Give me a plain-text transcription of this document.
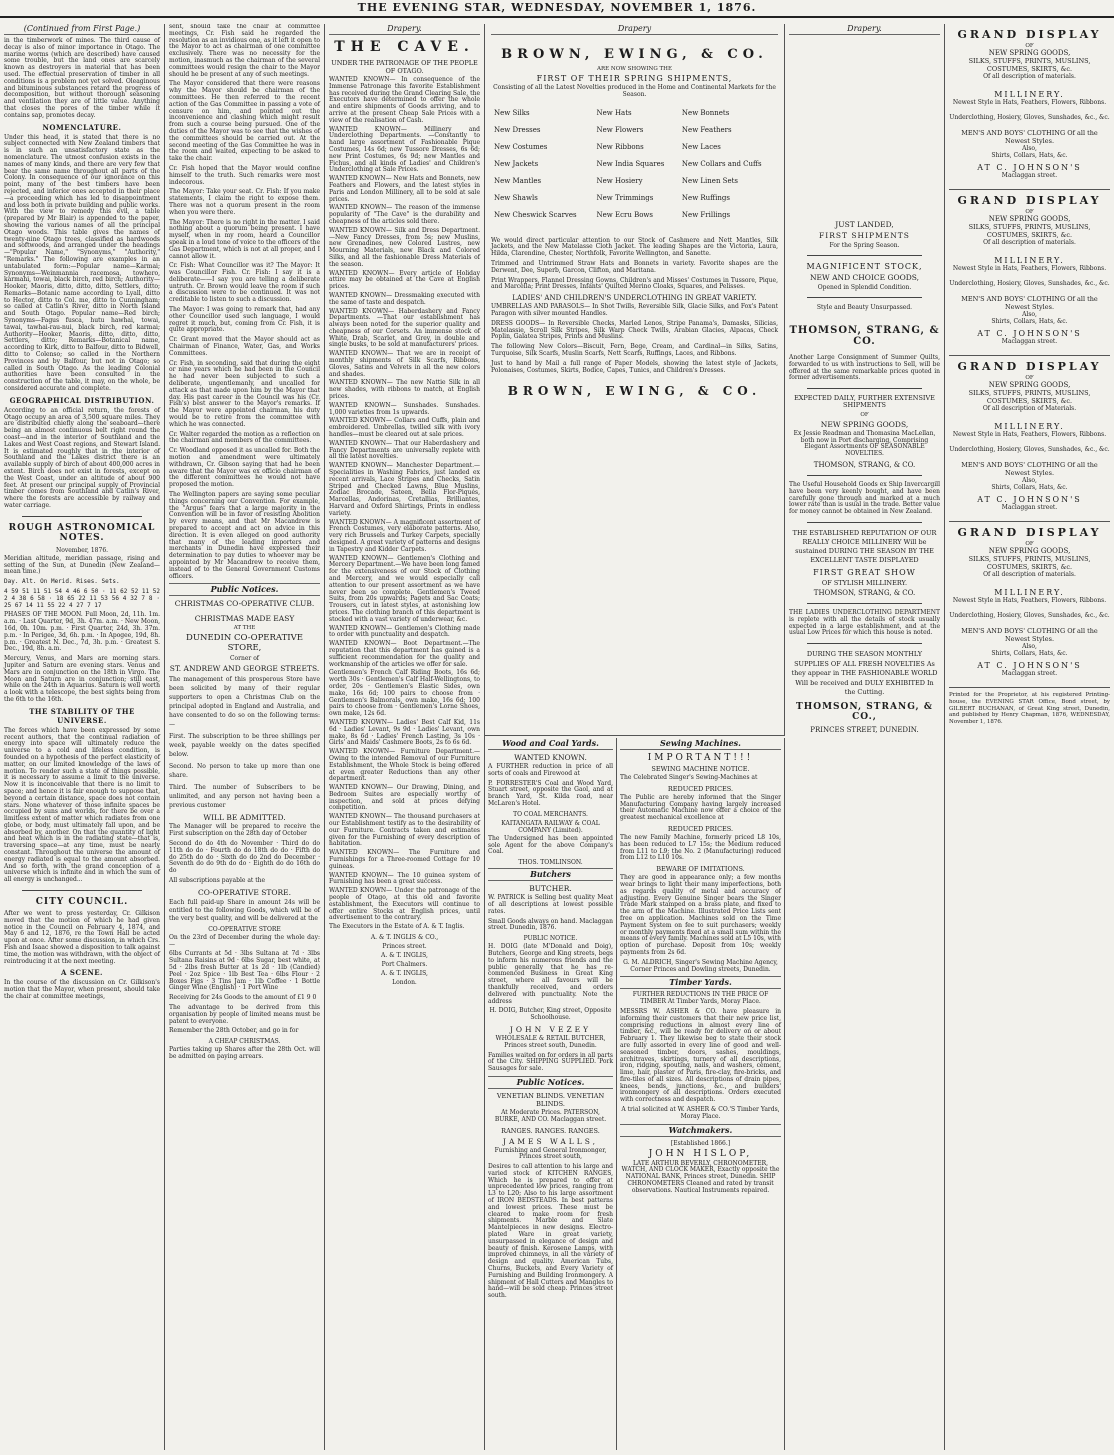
THE EVENING STAR, WEDNESDAY, NOVEMBER 1, 1876.
(Continued from First Page.)

in the timberwork of mines. The third cause of decay is also of minor importance in Otago. The marine worms (which are described) have caused some trouble, but the land ones are scarcely known as destroyers in material that has been used. The effectual preservation of timber in all conditions is a problem not yet solved. Oleaginous and bituminous substances retard the progress of decomposition, but without thorough seasoning and ventilation they are of little value. Anything that closes the pores of the timber while it contains sap, promotes decay.

NOMENCLATURE.

Under this head, it is stated that there is no subject connected with New Zealand timbers that is in such an unsatisfactory state as the nomenclature. The utmost confusion exists in the names of many kinds, and there are very few that bear the same name throughout all parts of the Colony. In consequence of our ignorance on this point, many of the best timbers have been rejected, and inferior ones accepted in their place—a proceeding which has led to disappointment and loss both in private building and public works. With the view to remedy this evil, a table (prepared by Mr Blair) is appended to the paper, showing the various names of all the principal Otago woods. This table gives the names of twenty-nine Otago trees, classified as hardwoods and softwoods, and arranged under the headings—"Popular Name," "Synonyms," "Authority," "Remarks." The following are examples in an untabulated form:—Popular name—Karmai; Synonyms—Weinmannia racemosa, towhero, karmahi, towai, black birch, red birch; Authority—Hooker, Maoris, ditto, ditto, ditto, Settlers, ditto; Remarks—Botanic name according to Lyall, ditto to Hector, ditto to Col. me, ditto to Cunningham; so called at Catlin's River, ditto in North Island and South Otago. Popular name—Red birch; Synonyms—Fagus fusca, hutu hawhai, towai, tawai, tawhai-rau-nui, black birch, red karmai; Authority—Hooker, Maoris, ditto, ditto, ditto, Settlers, ditto; Remarks—Botanical name, according to Kirk, ditto to Balfour, ditto to Bidwell, ditto to Colenso; so called in the Northern Provinces and by Balfour, but not in Otago; so called in South Otago. As the leading Colonial authorities have been consulted in the construction of the table, it may, on the whole, be considered accurate and complete.

GEOGRAPHICAL DISTRIBUTION.

According to an official return, the forests of Otago occupy an area of 3,500 square miles. They are distributed chiefly along the seaboard—there being an almost continuous belt right round the coast—and in the interior of Southland and the Lakes and West Coast regions, and Stewart Island. It is estimated roughly that in the interior of Southland and the Lakes district there is an available supply of birch of about 400,000 acres in extent. Birch does not exist in forests, except on the West Coast, under an altitude of about 900 feet. At present our principal supply of Provincial timber comes from Southland and Catlin's River, where the forests are accessible by railway and water carriage.

ROUGH ASTRONOMICAL NOTES.
November, 1876.

Meridian altitude, meridian passage, rising and setting of the Sun, at Dunedin (New Zealand—mean time.)

Day. Alt. On Merid. Rises. Sets.

4 59 51 11 51 54 4 46 6 50 · 11 62 52 11 52 2 4 38 6 58 · 18 65 22 11 53 56 4 32 7 8 · 25 67 14 11 55 22 4 27 7 17

PHASES OF THE MOON. Full Moon, 2d, 11h. 1m. a.m. · Last Quarter, 9d, 3h. 47m. a.m. · New Moon, 16d, 0h. 10m. p.m. · First Quarter, 24d, 3h. 37m. p.m. · In Perigee, 3d, 6h. p.m. · In Apogee, 19d, 8h. p.m. · Greatest N. Dec., 7d, 3h. p.m. · Greatest S. Dec., 19d, 8h. a.m.

Mercury, Venus, and Mars are morning stars. Jupiter and Saturn are evening stars. Venus and Mars are in conjunction on the 18th in Virgo. The Moon and Saturn are in conjunction; still east, while on the 24th in Aquarius. Saturn is well worth a look with a telescope, the best sights being from the 6th to the 16th.

THE STABILITY OF THE UNIVERSE.

The forces which have been expressed by some recent authors, that the continual radiation of energy into space will ultimately reduce the universe to a cold and lifeless condition, is founded on a hypothesis of the perfect elasticity of matter, on our limited knowledge of the laws of motion. To render such a state of things possible, it is necessary to assume a limit to the universe. Now it is inconceivable that there is no limit to space; and hence it is fair enough to suppose that, beyond a certain distance, space does not contain stars. None whatever of those infinite spaces be occupied by suns and worlds, for there be over a limitless extent of matter which radiates from one globe, or body, must ultimately fall upon, and be absorbed by, another. On that the quantity of light and heat which is in the radiating state—that is, traversing space—at any time, must be nearly constant. Throughout the universe the amount of energy radiated is equal to the amount absorbed. And so forth, with the grand conception of a universe which is infinite and in which the sum of all energy is unchanged...

CITY COUNCIL.

After we went to press yesterday, Cr. Gilkison moved that the motion of which he had given notice in the Council on February 4, 1874, and May 6 and 12, 1876, re the Town Hall be acted upon at once. After some discussion, in which Crs. Fish and Isaac showed a disposition to talk against time, the motion was withdrawn, with the object of reintroducing it at the next meeting.

A SCENE.

In the course of the discussion on Cr. Gilkison's motion that the Mayor, when present, should take the chair at committee meetings,

sent, should take the chair at committee meetings, Cr. Fish said he regarded the resolution as an invidious one, as it left it open to the Mayor to act as chairman of one committee exclusively. There was no necessity for the motion, inasmuch as the chairman of the several committees would resign the chair to the Mayor should he be present at any of such meetings.

The Mayor considered that there were reasons why the Mayor should be chairman of the committees. He then referred to the recent action of the Gas Committee in passing a vote of censure on him, and pointed out the inconvenience and clashing which might result from such a course being pursued. One of the duties of the Mayor was to see that the wishes of the committees should be carried out. At the second meeting of the Gas Committee he was in the room and waited, expecting to be asked to take the chair.

Cr. Fish hoped that the Mayor would confine himself to the truth. Such remarks were most indecorous.

The Mayor: Take your seat. Cr. Fish: If you make statements, I claim the right to expose them. There was not a quorum present in the room when you were there.

The Mayor: There is no right in the matter. I said nothing about a quorum being present. I have myself, when in my room, heard a Councillor speak in a loud tone of voice to the officers of the Gas Department, which is not at all proper, and I cannot allow it.

Cr. Fish: What Councillor was it? The Mayor: It was Councillor Fish. Cr. Fish: I say it is a deliberate——I say you are telling a deliberate untruth. Cr. Brown would leave the room if such a discussion were to be continued. It was not creditable to listen to such a discussion.

The Mayor: I was going to remark that, had any other Councillor used such language, I would regret it much, but, coming from Cr. Fish, it is quite appropriate.

Cr. Grant moved that the Mayor should act as Chairman of Finance, Water, Gas, and Works Committees.

Cr. Fish, in seconding, said that during the eight or nine years which he had been in the Council he had never been subjected to such a deliberate, ungentlemanly, and uncalled for attack as that made upon him by the Mayor that day. His past career in the Council was his (Cr. Fish's) best answer to the Mayor's remarks. If the Mayor were appointed chairman, his duty would be to retire from the committee with which he was connected.

Cr. Walter regarded the motion as a reflection on the chairman and members of the committees.

Cr. Woodland opposed it as uncalled for. Both the motion and amendment were ultimately withdrawn, Cr. Gibson saying that had he been aware that the Mayor was ex officio chairman of the different committees he would not have proposed the motion.

The Wellington papers are saying some peculiar things concerning our Convention. For example, the "Argus" fears that a large majority in the Convention will be in favor of resisting Abolition by every means, and that Mr Macandrew is prepared to accept and act on advice in this direction. It is even alleged on good authority that many of the leading importers and merchants in Dunedin have expressed their determination to pay duties to whoever may be appointed by Mr Macandrew to receive them, instead of to the General Government Customs officers.

Public Notices.
CHRISTMAS CO-OPERATIVE CLUB.
CHRISTMAS MADE EASY
AT THE
DUNEDIN CO-OPERATIVE STORE,
Corner of
ST. ANDREW AND GEORGE STREETS.

The management of this prosperous Store have been solicited by many of their regular supporters to open a Christmas Club on the principal adopted in England and Australia, and have consented to do so on the following terms:—

First. The subscription to be three shillings per week, payable weekly on the dates specified below.

Second. No person to take up more than one share.

Third. The number of Subscribers to be unlimited, and any person not having been a previous customer

WILL BE ADMITTED.

The Manager will be prepared to receive the First subscription on the 28th day of October

Second do do 4th do November · Third do do 11th do do · Fourth do do 18th do do · Fifth do do 25th do do · Sixth do do 2nd do December · Seventh do do 9th do do · Eighth do do 16th do do

All subscriptions payable at the

CO-OPERATIVE STORE.

Each full paid-up Share in amount 24s will be entitled to the following Goods, which will be of the very best quality, and will be delivered at the

CO-OPERATIVE STORE

On the 23rd of December during the whole day:—

6lbs Currants at 5d · 3lbs Sultana at 7d · 3lbs Sultana Raisins at 9d · 6lbs Sugar, best white, at 5d · 2lbs fresh Butter at 1s 2d · 1lb (Candied) Peel · 2oz Spice · 1lb Best Tea · 6lbs Flour · 2 Boxes Figs · 3 Tins Jam · 1lb Coffee · 1 Bottle Ginger Wine (English) · 1 Port Wine

Receiving for 24s Goods to the amount of £1 9 0

The advantage to be derived from this organisation by people of limited means must be patent to everyone.

Remember the 28th October, and go in for

A CHEAP CHRISTMAS.

Parties taking up Shares after the 28th Oct. will be admitted on paying arrears.

Drapery.
THE CAVE.
UNDER THE PATRONAGE OF THE PEOPLE OF OTAGO.

WANTED KNOWN— In consequence of the Immense Patronage this favorite Establishment has received during the Grand Clearing Sale, the Executors have determined to offer the whole and entire shipments of Goods arriving, and to arrive at the present Cheap Sale Prices with a view of the realisation of Cash.

WANTED KNOWN— Millinery and Underclothing Departments. —Constantly to hand large assortment of Fashionable Pique Costumes, 14s 6d; new Tussore Dresses, 6s 6d; new Print Costumes, 6s 9d; new Mantles and Fichus, and all kinds of Ladies' and Children's Underclothing at Sale Prices.

WANTED KNOWN— New Hats and Bonnets, new Feathers and Flowers, and the latest styles in Paris and London Millinery, all to be sold at sale prices.

WANTED KNOWN— The reason of the immense popularity of "The Cave" is the durability and cheapness of the articles sold there.

WANTED KNOWN— Silk and Dress Department.—New Fancy Dresses, from 5s; new Muslins, new Grenadines, new Colored Lustres, new Mourning Materials, new Black and Colored Silks, and all the fashionable Dress Materials of the season.

WANTED KNOWN— Every article of Holiday attire may be obtained at the Cave at English prices.

WANTED KNOWN— Dressmaking executed with the same of taste and despatch.

WANTED KNOWN— Haberdashery and Fancy Departments. —That our establishment has always been noted for the superior quality and cheapness of our Corsets. An immense stock of White, Drab, Scarlet, and Grey, in double and single busks, to be sold at manufacturers' prices.

WANTED KNOWN— That we are in receipt of monthly shipments of Silk Scarfs, Ribbons, Gloves, Satins and Velvets in all the new colors and shades.

WANTED KNOWN— The new Nattie Silk in all new shades, with ribbons to match, at English prices.

WANTED KNOWN— Sunshades. Sunshades. 1,000 varieties from 1s upwards.

WANTED KNOWN— Collars and Cuffs, plain and embroidered. Umbrellas, twilled silk with ivory handles—must be cleared out at sale prices.

WANTED KNOWN— That our Haberdashery and Fancy Departments are universally replete with all the latest novelties.

WANTED KNOWN— Manchester Department.—Specialities in Washing Fabrics, just landed ex recent arrivals, Lace Stripes and Checks, Satin Striped and Checked Lawns, Blue Muslins, Zodiac Brocade, Sateen, Bella Flor-Piqués, Marcellas, Andorinas, Cretallias, Brilliantes, Harvard and Oxford Shirtings, Prints in endless variety.

WANTED KNOWN— A magnificent assortment of French Costumes, very elaborate patterns. Also, very rich Brussels and Turkey Carpets, specially designed. A great variety of patterns and designs in Tapestry and Kidder Carpets.

WANTED KNOWN— Gentlemen's Clothing and Mercery Department.—We have been long famed for the extensiveness of our Stock of Clothing and Mercery, and we would especially call attention to our present assortment as we have never been so complete. Gentlemen's Tweed Suits, from 20s upwards; Pagets and Sac Coats; Trousers, cut in latest styles, at astonishing low prices. The clothing branch of this department is stocked with a vast variety of underwear, &c.

WANTED KNOWN— Gentlemen's Clothing made to order with punctuality and despatch.

WANTED KNOWN— Boot Department.—The reputation that this department has gained is a sufficient recommendation for the quality and workmanship of the articles we offer for sale.

Gentlemen's French Calf Riding Boots, 16s 6d; worth 30s · Gentlemen's Calf Half-Wellingtons, to order, 20s · Gentlemen's Elastic Sides, own make, 16s 6d; 100 pairs to choose from · Gentlemen's Balmorals, own make, 16s 6d; 100 pairs to choose from · Gentlemen's Lorne Shoes, own make, 12s 6d.

WANTED KNOWN— Ladies' Best Calf Kid, 11s 6d · Ladies' Levant, 9s 9d · Ladies' Levant, own make, 8s 6d · Ladies' French Lasting, 3s 10s · Girls' and Maids' Cashmere Boots, 2s to 6s 6d.

WANTED KNOWN— Furniture Department.—Owing to the intended Removal of our Furniture Establishment, the Whole Stock is being offered at even greater Reductions than any other department.

WANTED KNOWN— Our Drawing, Dining, and Bedroom Suites are especially worthy of inspection, and sold at prices defying competition.

WANTED KNOWN— The thousand purchasers at our Establishment testify as to the desirability of our Furniture. Contracts taken and estimates given for the Furnishing of every description of habitation.

WANTED KNOWN— The Furniture and Furnishings for a Three-roomed Cottage for 10 guineas.

WANTED KNOWN— The 10 guinea system of Furnishing has been a great success.

WANTED KNOWN— Under the patronage of the people of Otago, at this old and favorite establishment, the Executors will continue to offer entire Stocks at English prices, until advertisement to the contrary.

The Executors in the Estate of A. & T. Inglis.

A. & T. INGLIS & CO.,
Princes street.
A. & T. INGLIS,
Port Chalmers.
A. & T. INGLIS,
London.
Drapery
BROWN, EWING, & CO.
ARE NOW SHOWING THE
FIRST OF THEIR SPRING SHIPMENTS,

Consisting of all the Latest Novelties produced in the Home and Continental Markets for the Season.

New Silks
New Dresses
New Costumes
New Jackets
New Mantles
New Shawls
New Cheswick Scarves

New Hats
New Flowers
New Ribbons
New India Squares
New Hosiery
New Trimmings
New Ecru Bows

New Bonnets
New Feathers
New Laces
New Collars and Cuffs
New Linen Sets
New Ruffings
New Frillings

We would direct particular attention to our Stock of Cashmere and Nett Mantles, Silk Jackets, and the New Matelasse Cloth Jacket. The leading Shapes are the Victoria, Laura, Hilda, Clarendine, Chester, Northfolk, Favorite Wellington, and Sanette.

Trimmed and Untrimmed Straw Hats and Bonnets in variety. Favorite shapes are the Derwent, Dee, Superb, Garcon, Clifton, and Maritana.

Print Wrappers, Flannel Dressing Gowns, Children's and Misses' Costumes in Tussore, Pique, and Marcella; Print Dresses, Infants' Quilted Merino Cloaks, Squares, and Pelisses.

LADIES' AND CHILDREN'S UNDERCLOTHING IN GREAT VARIETY.

UMBRELLAS AND PARASOLS— In Shot Twills, Reversible Silk, Glacie Silks, and Fox's Patent Paragon with silver mounted Handles.

DRESS GOODS— In Reversible Checks, Marled Lenos, Stripe Panama's, Damasks, Silicias, Matelassie, Scroll Silk Stripes, Silk Warp Check Twills, Arabian Glacies, Alpacas, Check Poplin, Galatea Stripes, Prints and Muslins.

The following New Colors—Biscuit, Fern, Bege, Cream, and Cardinal—in Silks, Satins, Turquoise, Silk Scarfs, Muslin Scarfs, Nett Scarfs, Ruffings, Laces, and Ribbons.

Just to hand by Mail a full range of Paper Models, showing the latest style of Jackets, Polonaises, Costumes, Skirts, Bodice, Capes, Tunics, and Children's Dresses.

BROWN, EWING, & CO.
Wood and Coal Yards.
WANTED KNOWN.

A FURTHER reduction in price of all sorts of coals and Firewood at

P. FORRESTER'S Coal and Wood Yard, Stuart street, opposite the Gaol, and at branch Yard, St. Kilda road, near McLaren's Hotel.

TO COAL MERCHANTS.
KAITANGATA RAILWAY & COAL COMPANY (Limited).

The Undersigned has been appointed sole Agent for the above Company's Coal.

THOS. TOMLINSON.
Butchers
BUTCHER.

W. PATRICK is Selling best quality Meat of all descriptions at lowest possible rates.

Small Goods always on hand. Maclaggan street. Dunedin, 1876.

PUBLIC NOTICE.

H. DOIG (late M'Donald and Doig), Butchers, George and King streets, begs to inform his numerous friends and the public generally that he has re-commenced Business in Great King street, where all favours will be thankfully received, and orders delivered with punctuality. Note the address

H. DOIG, Butcher, King street, Opposite Schoolhouse.

JOHN VEZEY

WHOLESALE & RETAIL BUTCHER, Princes street south, Dunedin.

Families waited on for orders in all parts of the City. SHIPPING SUPPLIED. Pork Sausages for sale.

Public Notices.
VENETIAN BLINDS. VENETIAN BLINDS.

At Moderate Prices. PATERSON, BURKE, AND CO. Maclaggan street.

RANGES. RANGES. RANGES.
JAMES WALLS,

Furnishing and General Ironmonger, Princes street south,

Desires to call attention to his large and varied stock of KITCHEN RANGES, Which he is prepared to offer at unprecedented low prices, ranging from L3 to L20; Also to his large assortment of IRON BEDSTEADS. In best patterns and lowest prices. These must be cleared to make room for fresh shipments. Marble and Slate Mantelpieces in new designs. Electro-plated Ware in great variety, unsurpassed in elegance of design and beauty of finish. Kerosene Lamps, with improved chimneys, in all the variety of design and quality. American Tubs, Churns, Buckets, and Every Variety of Furnishing and Building Ironmongery. A shipment of Hall Cutters and Mangles to hand—will be sold cheap. Princes street south.

Sewing Machines.
IMPORTANT!!!
SEWING MACHINE NOTICE.

The Celebrated Singer's Sewing-Machines at

REDUCED PRICES.

The Public are hereby informed that the Singer Manufacturing Company having largely increased their Automatic Machine now offer a choice of the greatest mechanical excellence at

REDUCED PRICES.

The new Family Machine, formerly priced L8 10s, has been reduced to L7 15s; the Medium reduced from L11 to L9; the No. 2 (Manufacturing) reduced from L12 to L10 10s.

BEWARE OF IMITATIONS.

They are good in appearance only; a few months wear brings to light their many imperfections, both as regards quality of metal and accuracy of adjusting. Every Genuine Singer bears the Singer Trade Mark stamped on a brass plate, and fixed to the arm of the Machine. Illustrated Price Lists sent free on application. Machines sold on the Time Payment System on fee to suit purchasers; weekly or monthly payments fixed at a small sum within the means of every family. Machines sold at L5 10s, with option of purchase. Deposit from 10s; weekly payments from 2s 6d.

G. M. ALDRICH, Singer's Sewing Machine Agency, Corner Princes and Dowling streets, Dunedin.

Timber Yards.

FURTHER REDUCTIONS IN THE PRICE OF TIMBER At Timber Yards, Moray Place.

MESSRS W. ASHER & CO. have pleasure in informing their customers that their new price list, comprising reductions in almost every line of timber, &c., will be ready for delivery on or about February 1. They likewise beg to state their stock are fully assorted in every line of good and well-seasoned timber, doors, sashes, mouldings, architraves, skirtings, turnery of all descriptions, iron, ridging, spouting, nails, and washers, cement, lime, hair, plaster of Paris, fire-clay, fire-bricks, and fire-tiles of all sizes. All descriptions of drain pipes, knees, bends, junctions, &c., and builders' ironmongery of all descriptions. Orders executed with correctness and despatch.

A trial solicited at W. ASHER & CO.'S Timber Yards, Moray Place.

Watchmakers.
[Established 1866.]
JOHN HISLOP,

LATE ARTHUR BEVERLY, CHRONOMETER, WATCH, AND CLOCK MAKER, Exactly opposite the NATIONAL BANK, Princes street, Dunedin. SHIP CHRONOMETERS Cleaned and rated by transit observations. Nautical Instruments repaired.

Drapery.
JUST LANDED,
FIRST SHIPMENTS
For the Spring Season.
MAGNIFICENT STOCK,
NEW AND CHOICE GOODS,
Opened in Splendid Condition.
Style and Beauty Unsurpassed.
THOMSON, STRANG, & CO.

Another Large Consignment of Summer Quilts, forwarded to us with instructions to Sell, will be offered at the same remarkable prices quoted in former advertisements.

EXPECTED DAILY, FURTHER EXTENSIVE SHIPMENTS

OF
NEW SPRING GOODS,

Ex Jessie Readman and Thomasina MacLellan, both now in Port discharging, Comprising Elegant Assortments OF SEASONABLE NOVELTIES.

THOMSON, STRANG, & CO.

The Useful Household Goods ex Ship Invercargill have been very keenly bought, and have been carefully gone through and marked at a much lower rate than is usual in the trade. Better value for money cannot be obtained in New Zealand.

THE ESTABLISHED REPUTATION OF OUR REALLY CHOICE MILLINERY Will be sustained DURING THE SEASON BY THE EXCELLENT TASTE DISPLAYED

FIRST GREAT SHOW
OF STYLISH MILLINERY.
THOMSON, STRANG, & CO.

THE LADIES UNDERCLOTHING DEPARTMENT is replete with all the details of stock usually expected in a large establishment, and at the usual Low Prices for which this house is noted.

DURING THE SEASON MONTHLY SUPPLIES OF ALL FRESH NOVELTIES As they appear in THE FASHIONABLE WORLD Will be received and DULY EXHIBITED In the Cutting.

THOMSON, STRANG, & CO.,
PRINCES STREET, DUNEDIN.
GRAND DISPLAY
OF
NEW SPRING GOODS,
SILKS, STUFFS, PRINTS, MUSLINS, COSTUMES, SKIRTS, &c.
Of all description of materials.
MILLINERY.
Newest Style in Hats, Feathers, Flowers, Ribbons.
Underclothing, Hosiery, Gloves, Sunshades, &c., &c.
MEN'S AND BOYS' CLOTHING Of all the Newest Styles.
Also,
Shirts, Collars, Hats, &c.
AT C. JOHNSON'S
Maclaggan street.
GRAND DISPLAY
OF
NEW SPRING GOODS,
SILKS, STUFFS, PRINTS, MUSLINS, COSTUMES, SKIRTS, &c.
Of all description of materials.
MILLINERY.
Newest Style in Hats, Feathers, Flowers, Ribbons.
Underclothing, Hosiery, Gloves, Sunshades, &c., &c.
MEN'S AND BOYS' CLOTHING Of all the Newest Styles.
Also,
Shirts, Collars, Hats, &c.
AT C. JOHNSON'S
Maclaggan street.
GRAND DISPLAY
OF
NEW SPRING GOODS,
SILKS, STUFFS, PRINTS, MUSLINS, COSTUMES, SKIRTS, &c.
Of all description of Materials.
MILLINERY.
Newest Style in Hats, Feathers, Flowers, Ribbons.
Underclothing, Hosiery, Gloves, Sunshades, &c., &c.
MEN'S AND BOYS' CLOTHING Of all the Newest Styles.
Also,
Shirts, Collars, Hats, &c.
AT C. JOHNSON'S
Maclaggan street.
GRAND DISPLAY
OF
NEW SPRING GOODS,
SILKS, STUFFS, PRINTS, MUSLINS, COSTUMES, SKIRTS, &c.
Of all description of materials.
MILLINERY.
Newest Style in Hats, Feathers, Flowers, Ribbons.
Underclothing, Hosiery, Gloves, Sunshades, &c., &c.
MEN'S AND BOYS' CLOTHING Of all the Newest Styles.
Also,
Shirts, Collars, Hats, &c.
AT C. JOHNSON'S
Maclaggan street.

Printed for the Proprietor, at his registered Printing-house, the EVENING STAR Office, Bond street, by GILBERT BUCHANAN, of Great King street, Dunedin, and published by Henry Chapman, 1876, WEDNESDAY, November 1, 1876.
